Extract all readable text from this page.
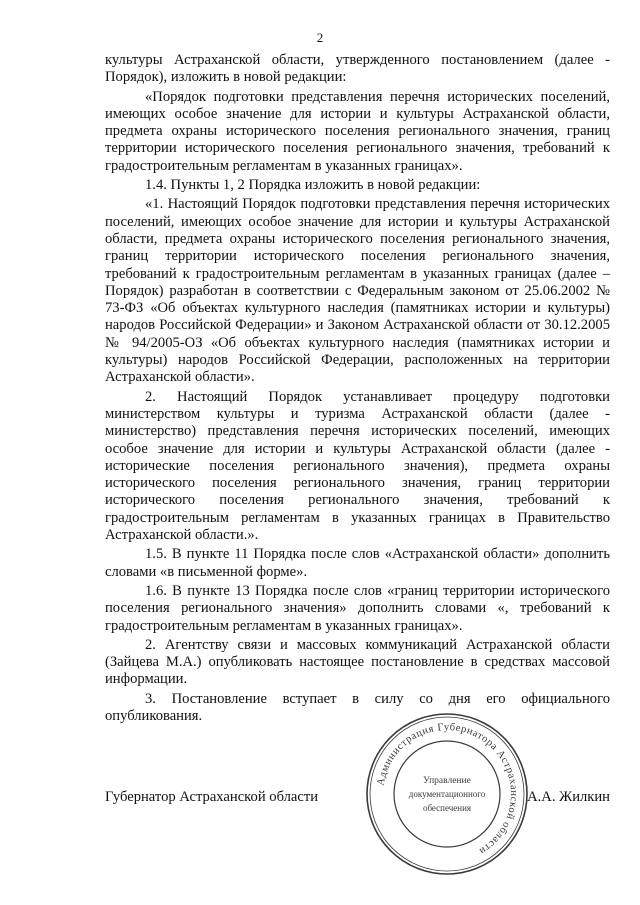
2

культуры Астраханской области, утвержденного постановлением (далее - Порядок), изложить в новой редакции:

«Порядок подготовки представления перечня исторических поселений, имеющих особое значение для истории и культуры Астраханской области, предмета охраны исторического поселения регионального значения, границ территории исторического поселения регионального значения, требований к градостроительным регламентам в указанных границах».

1.4. Пункты 1, 2 Порядка изложить в новой редакции:

«1. Настоящий Порядок подготовки представления перечня исторических поселений, имеющих особое значение для истории и культуры Астраханской области, предмета охраны исторического поселения регионального значения, границ территории исторического поселения регионального значения, требований к градостроительным регламентам в указанных границах (далее – Порядок) разработан в соответствии с Федеральным законом от 25.06.2002 № 73-ФЗ «Об объектах культурного наследия (памятниках истории и культуры) народов Российской Федерации» и Законом Астраханской области от 30.12.2005 № 94/2005-ОЗ «Об объектах культурного наследия (памятниках истории и культуры) народов Российской Федерации, расположенных на территории Астраханской области».

2. Настоящий Порядок устанавливает процедуру подготовки министерством культуры и туризма Астраханской области (далее - министерство) представления перечня исторических поселений, имеющих особое значение для истории и культуры Астраханской области (далее - исторические поселения регионального значения), предмета охраны исторического поселения регионального значения, границ территории исторического поселения регионального значения, требований к градостроительным регламентам в указанных границах в Правительство Астраханской области.».

1.5. В пункте 11 Порядка после слов «Астраханской области» дополнить словами «в письменной форме».

1.6. В пункте 13 Порядка после слов «границ территории исторического поселения регионального значения» дополнить словами «, требований к градостроительным регламентам в указанных границах».

2. Агентству связи и массовых коммуникаций Астраханской области (Зайцева М.А.) опубликовать настоящее постановление в средствах массовой информации.

3. Постановление вступает в силу со дня его официального опубликования.

Администрация Губернатора Астраханской области
Управление
документационного
обеспечения
Губернатор Астраханской области	А.А. Жилкин
